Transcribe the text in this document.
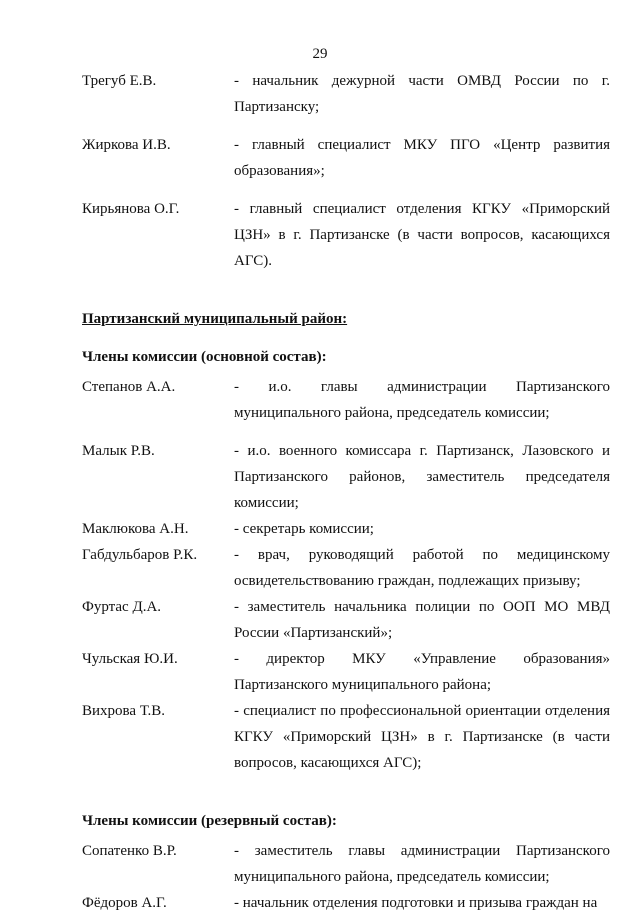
29
Трегуб Е.В.	- начальник дежурной части ОМВД России по г. Партизанску;
Жиркова И.В.	- главный специалист МКУ ПГО «Центр развития образования»;
Кирьянова О.Г.	- главный специалист отделения КГКУ «Приморский ЦЗН» в г. Партизанске (в части вопросов, касающихся АГС).
Партизанский муниципальный район:
Члены комиссии (основной состав):
Степанов А.А.	- и.о. главы администрации Партизанского муниципального района, председатель комиссии;
Малык Р.В.	- и.о. военного комиссара г. Партизанск, Лазовского и Партизанского районов, заместитель председателя комиссии;
Маклюкова А.Н.	- секретарь комиссии;
Габдульбаров Р.К.	- врач, руководящий работой по медицинскому освидетельствованию граждан, подлежащих призыву;
Фуртас Д.А.	- заместитель начальника полиции по ООП МО МВД России «Партизанский»;
Чульская Ю.И.	- директор МКУ «Управление образования» Партизанского муниципального района;
Вихрова Т.В.	- специалист по профессиональной ориентации отделения КГКУ «Приморский ЦЗН» в г. Партизанске (в части вопросов, касающихся АГС);
Члены комиссии (резервный состав):
Сопатенко В.Р.	- заместитель главы администрации Партизанского муниципального района, председатель комиссии;
Фёдоров А.Г.	- начальник отделения подготовки и призыва граждан на
